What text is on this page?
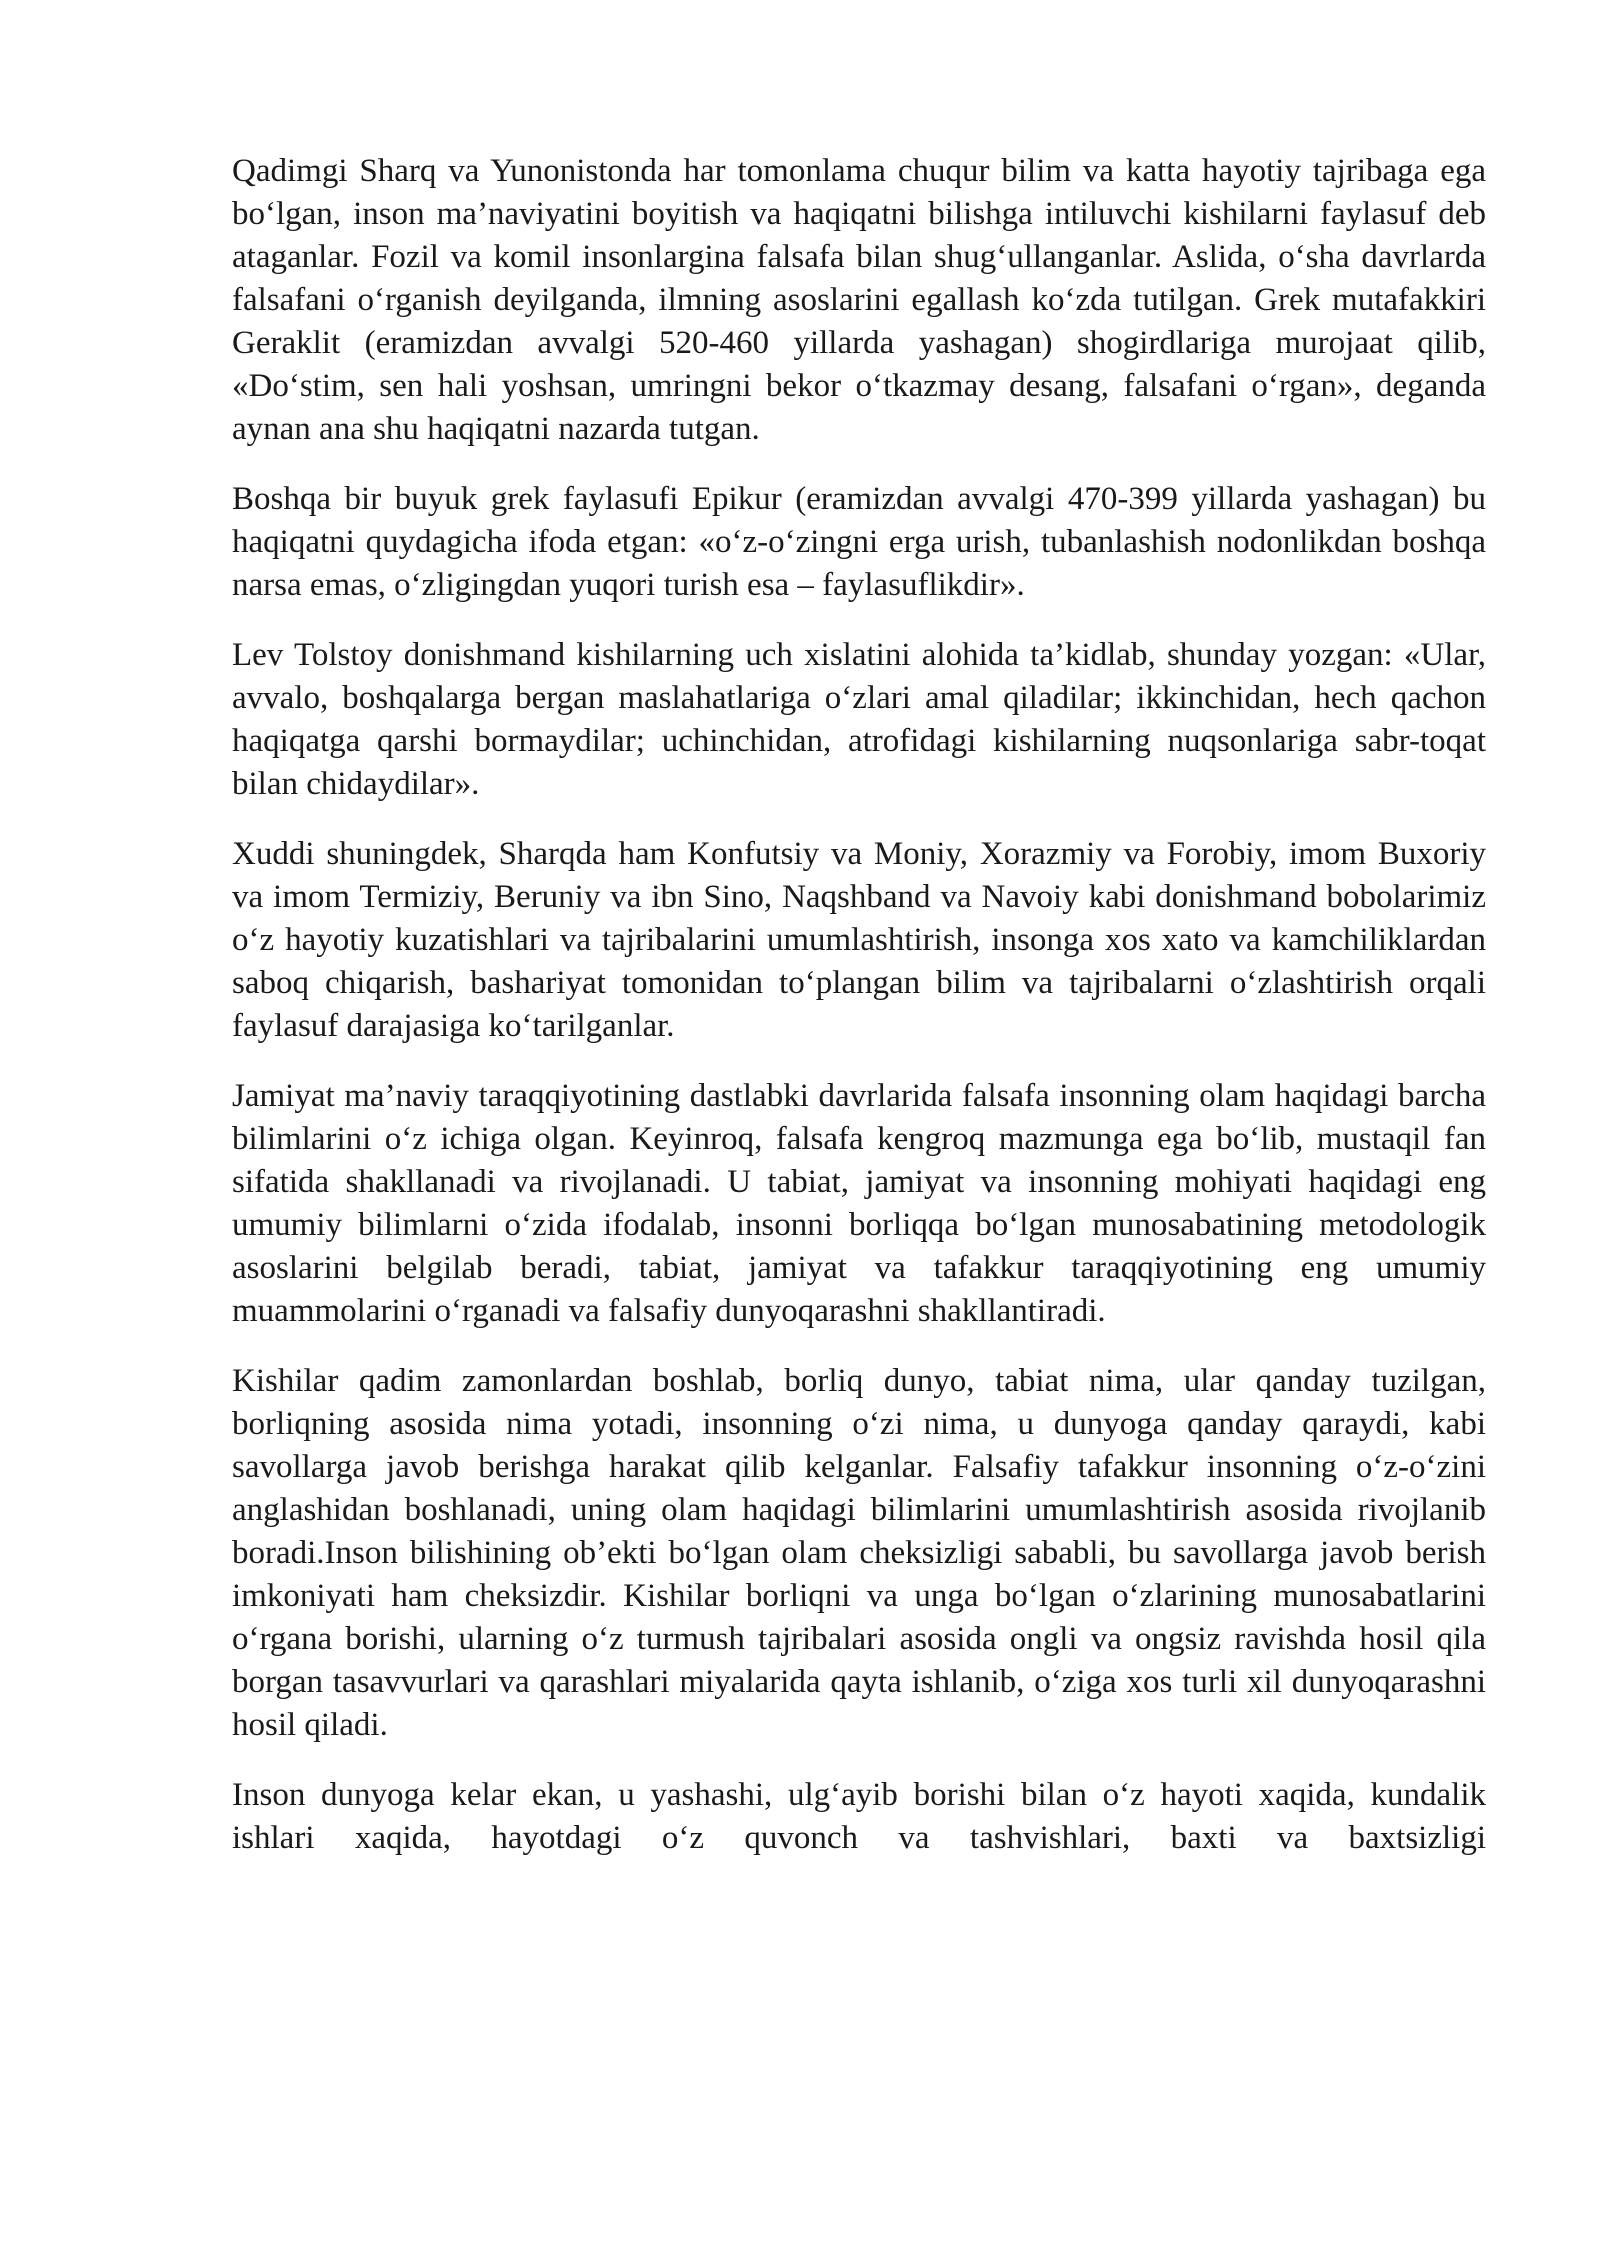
Qadimgi Sharq va Yunonistonda har tomonlama chuqur bilim va katta hayotiy tajribaga ega bo‘lgan, inson ma’naviyatini boyitish va haqiqatni bilishga intiluvchi kishilarni faylasuf deb ataganlar. Fozil va komil insonlargina falsafa bilan shug‘ullanganlar. Aslida, o‘sha davrlarda falsafani o‘rganish deyilganda, ilmning asoslarini egallash ko‘zda tutilgan. Grek mutafakkiri Geraklit (eramizdan avvalgi 520-460 yillarda yashagan) shogirdlariga murojaat qilib, «Do‘stim, sen hali yoshsan, umringni bekor o‘tkazmay desang, falsafani o‘rgan», deganda aynan ana shu haqiqatni nazarda tutgan.

Boshqa bir buyuk grek faylasufi Epikur (eramizdan avvalgi 470-399 yillarda yashagan) bu haqiqatni quydagicha ifoda etgan: «o‘z-o‘zingni erga urish, tubanlashish nodonlikdan boshqa narsa emas, o‘zligingdan yuqori turish esa – faylasuflikdir».

Lev Tolstoy donishmand kishilarning uch xislatini alohida ta’kidlab, shunday yozgan: «Ular, avvalo, boshqalarga bergan maslahatlariga o‘zlari amal qiladilar; ikkinchidan, hech qachon haqiqatga qarshi bormaydilar; uchinchidan, atrofidagi kishilarning nuqsonlariga sabr-toqat bilan chidaydilar».

Xuddi shuningdek, Sharqda ham Konfutsiy va Moniy, Xorazmiy va Forobiy, imom Buxoriy va imom Termiziy, Beruniy va ibn Sino, Naqshband va Navoiy kabi donishmand bobolarimiz o‘z hayotiy kuzatishlari va tajribalarini umumlashtirish, insonga xos xato va kamchiliklardan saboq chiqarish, bashariyat tomonidan to‘plangan bilim va tajribalarni o‘zlashtirish orqali faylasuf darajasiga ko‘tarilganlar.

Jamiyat ma’naviy taraqqiyotining dastlabki davrlarida falsafa insonning olam haqidagi barcha bilimlarini o‘z ichiga olgan. Keyinroq, falsafa kengroq mazmunga ega bo‘lib, mustaqil fan sifatida shakllanadi va rivojlanadi. U tabiat, jamiyat va insonning mohiyati haqidagi eng umumiy bilimlarni o‘zida ifodalab, insonni borliqqa bo‘lgan munosabatining metodologik asoslarini belgilab beradi, tabiat, jamiyat va tafakkur taraqqiyotining eng umumiy muammolarini o‘rganadi va falsafiy dunyoqarashni shakllantiradi.

Kishilar qadim zamonlardan boshlab, borliq dunyo, tabiat nima, ular qanday tuzilgan, borliqning asosida nima yotadi, insonning o‘zi nima, u dunyoga qanday qaraydi, kabi savollarga javob berishga harakat qilib kelganlar. Falsafiy tafakkur insonning o‘z-o‘zini anglashidan boshlanadi, uning olam haqidagi bilimlarini umumlashtirish asosida rivojlanib boradi.Inson bilishining ob’ekti bo‘lgan olam cheksizligi sababli, bu savollarga javob berish imkoniyati ham cheksizdir. Kishilar borliqni va unga bo‘lgan o‘zlarining munosabatlarini o‘rgana borishi, ularning o‘z turmush tajribalari asosida ongli va ongsiz ravishda hosil qila borgan tasavvurlari va qarashlari miyalarida qayta ishlanib, o‘ziga xos turli xil dunyoqarashni hosil qiladi.

Inson dunyoga kelar ekan, u yashashi, ulg‘ayib borishi bilan o‘z hayoti xaqida, kundalik ishlari xaqida, hayotdagi o‘z quvonch va tashvishlari, baxti va baxtsizligi
